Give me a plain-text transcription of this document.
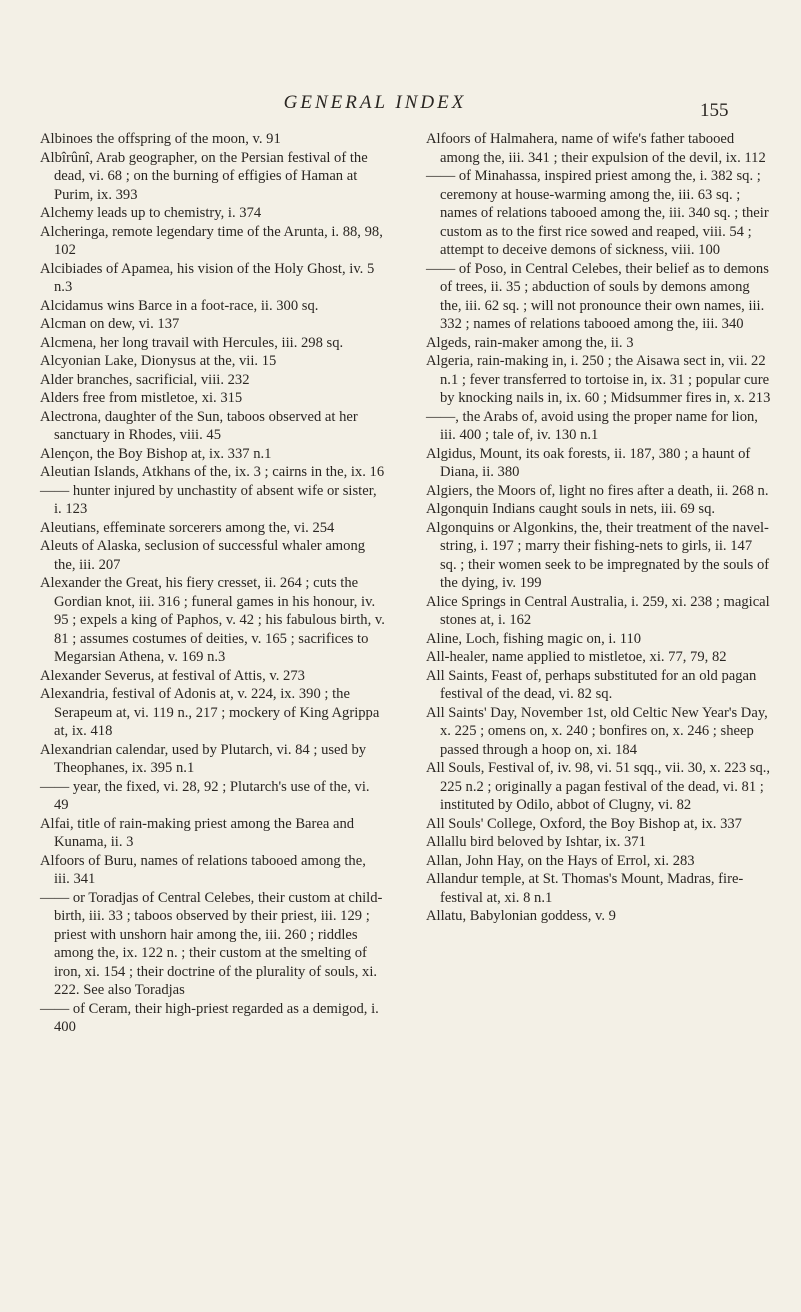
GENERAL INDEX	155

Albinoes the offspring of the moon, v. 91

Albîrûnî, Arab geographer, on the Persian festival of the dead, vi. 68 ; on the burning of effigies of Haman at Purim, ix. 393

Alchemy leads up to chemistry, i. 374

Alcheringa, remote legendary time of the Arunta, i. 88, 98, 102

Alcibiades of Apamea, his vision of the Holy Ghost, iv. 5 n.3

Alcidamus wins Barce in a foot-race, ii. 300 sq.

Alcman on dew, vi. 137

Alcmena, her long travail with Hercules, iii. 298 sq.

Alcyonian Lake, Dionysus at the, vii. 15

Alder branches, sacrificial, viii. 232

Alders free from mistletoe, xi. 315

Alectrona, daughter of the Sun, taboos observed at her sanctuary in Rhodes, viii. 45

Alençon, the Boy Bishop at, ix. 337 n.1

Aleutian Islands, Atkhans of the, ix. 3 ; cairns in the, ix. 16

—— hunter injured by unchastity of absent wife or sister, i. 123

Aleutians, effeminate sorcerers among the, vi. 254

Aleuts of Alaska, seclusion of successful whaler among the, iii. 207

Alexander the Great, his fiery cresset, ii. 264 ; cuts the Gordian knot, iii. 316 ; funeral games in his honour, iv. 95 ; expels a king of Paphos, v. 42 ; his fabulous birth, v. 81 ; assumes costumes of deities, v. 165 ; sacrifices to Megarsian Athena, v. 169 n.3

Alexander Severus, at festival of Attis, v. 273

Alexandria, festival of Adonis at, v. 224, ix. 390 ; the Serapeum at, vi. 119 n., 217 ; mockery of King Agrippa at, ix. 418

Alexandrian calendar, used by Plutarch, vi. 84 ; used by Theophanes, ix. 395 n.1

—— year, the fixed, vi. 28, 92 ; Plutarch's use of the, vi. 49

Alfai, title of rain-making priest among the Barea and Kunama, ii. 3

Alfoors of Buru, names of relations tabooed among the, iii. 341

—— or Toradjas of Central Celebes, their custom at child-birth, iii. 33 ; taboos observed by their priest, iii. 129 ; priest with unshorn hair among the, iii. 260 ; riddles among the, ix. 122 n. ; their custom at the smelting of iron, xi. 154 ; their doctrine of the plurality of souls, xi. 222. See also Toradjas

—— of Ceram, their high-priest regarded as a demigod, i. 400

Alfoors of Halmahera, name of wife's father tabooed among the, iii. 341 ; their expulsion of the devil, ix. 112

—— of Minahassa, inspired priest among the, i. 382 sq. ; ceremony at house-warming among the, iii. 63 sq. ; names of relations tabooed among the, iii. 340 sq. ; their custom as to the first rice sowed and reaped, viii. 54 ; attempt to deceive demons of sickness, viii. 100

—— of Poso, in Central Celebes, their belief as to demons of trees, ii. 35 ; abduction of souls by demons among the, iii. 62 sq. ; will not pronounce their own names, iii. 332 ; names of relations tabooed among the, iii. 340

Algeds, rain-maker among the, ii. 3

Algeria, rain-making in, i. 250 ; the Aisawa sect in, vii. 22 n.1 ; fever transferred to tortoise in, ix. 31 ; popular cure by knocking nails in, ix. 60 ; Midsummer fires in, x. 213

——, the Arabs of, avoid using the proper name for lion, iii. 400 ; tale of, iv. 130 n.1

Algidus, Mount, its oak forests, ii. 187, 380 ; a haunt of Diana, ii. 380

Algiers, the Moors of, light no fires after a death, ii. 268 n.

Algonquin Indians caught souls in nets, iii. 69 sq.

Algonquins or Algonkins, the, their treatment of the navel-string, i. 197 ; marry their fishing-nets to girls, ii. 147 sq. ; their women seek to be impregnated by the souls of the dying, iv. 199

Alice Springs in Central Australia, i. 259, xi. 238 ; magical stones at, i. 162

Aline, Loch, fishing magic on, i. 110

All-healer, name applied to mistletoe, xi. 77, 79, 82

All Saints, Feast of, perhaps substituted for an old pagan festival of the dead, vi. 82 sq.

All Saints' Day, November 1st, old Celtic New Year's Day, x. 225 ; omens on, x. 240 ; bonfires on, x. 246 ; sheep passed through a hoop on, xi. 184

All Souls, Festival of, iv. 98, vi. 51 sqq., vii. 30, x. 223 sq., 225 n.2 ; originally a pagan festival of the dead, vi. 81 ; instituted by Odilo, abbot of Clugny, vi. 82

All Souls' College, Oxford, the Boy Bishop at, ix. 337

Allallu bird beloved by Ishtar, ix. 371

Allan, John Hay, on the Hays of Errol, xi. 283

Allandur temple, at St. Thomas's Mount, Madras, fire-festival at, xi. 8 n.1

Allatu, Babylonian goddess, v. 9
